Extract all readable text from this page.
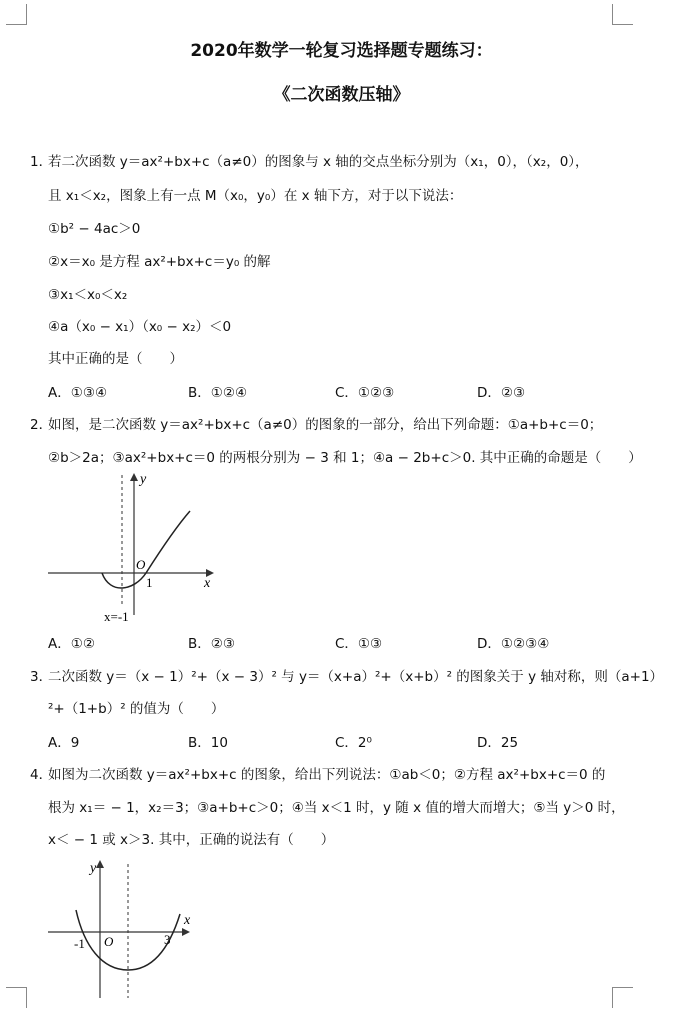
2020年数学一轮复习选择题专题练习：
《二次函数压轴》
1．
若二次函数 y＝ax²+bx+c（a≠0）的图象与 x 轴的交点坐标分别为（x₁，0），（x₂，0），
且 x₁＜x₂，图象上有一点 M（x₀，y₀）在 x 轴下方，对于以下说法：
①b² − 4ac＞0
②x＝x₀ 是方程 ax²+bx+c＝y₀ 的解
③x₁＜x₀＜x₂
④a（x₀ − x₁）（x₀ − x₂）＜0
其中正确的是（　　）
A．①③④	B．①②④	C．①②③	D．②③
2．
如图，是二次函数 y＝ax²+bx+c（a≠0）的图象的一部分，给出下列命题：①a+b+c＝0；
②b＞2a；③ax²+bx+c＝0 的两根分别为 − 3 和 1；④a − 2b+c＞0. 其中正确的命题是（　　）
y
x
O
1
x=-1
A．①②	B．②③	C．①③	D．①②③④
3．
二次函数 y＝（x − 1）²+（x − 3）² 与 y＝（x+a）²+（x+b）² 的图象关于 y 轴对称，则（a+1）
²+（1+b）² 的值为（　　）
A．9	B．10	C．2⁰	D．25
4．
如图为二次函数 y＝ax²+bx+c 的图象，给出下列说法：①ab＜0；②方程 ax²+bx+c＝0 的
根为 x₁＝ − 1，x₂＝3；③a+b+c＞0；④当 x＜1 时，y 随 x 值的增大而增大；⑤当 y＞0 时，
x＜ − 1 或 x＞3. 其中，正确的说法有（　　）
y
x
O
-1	3
